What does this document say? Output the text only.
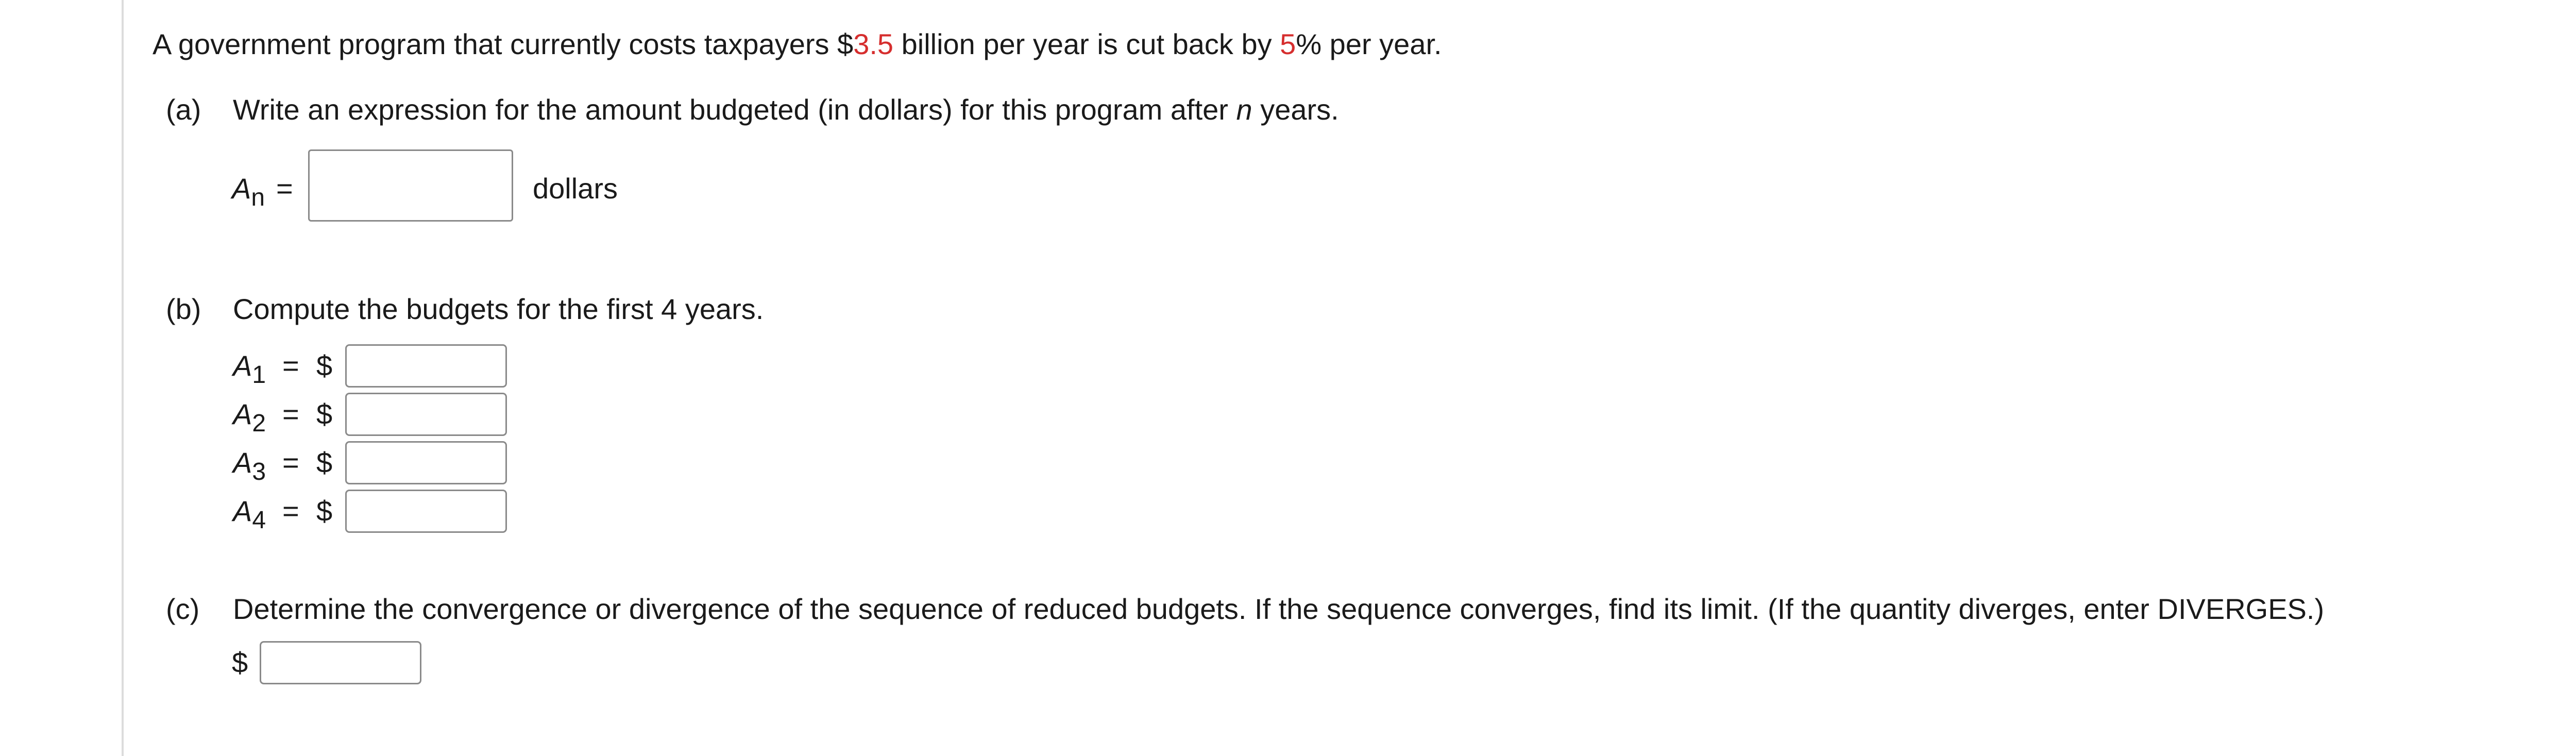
A government program that currently costs taxpayers $3.5 billion per year is cut back by 5% per year.
(a) Write an expression for the amount budgeted (in dollars) for this program after n years.
$A_n$ =	dollars
(b) Compute the budgets for the first 4 years.
$A_1$ = $
$A_2$ = $
$A_3$ = $
$A_4$ = $
(c) Determine the convergence or divergence of the sequence of reduced budgets. If the sequence converges, find its limit. (If the quantity diverges, enter DIVERGES.)
$
